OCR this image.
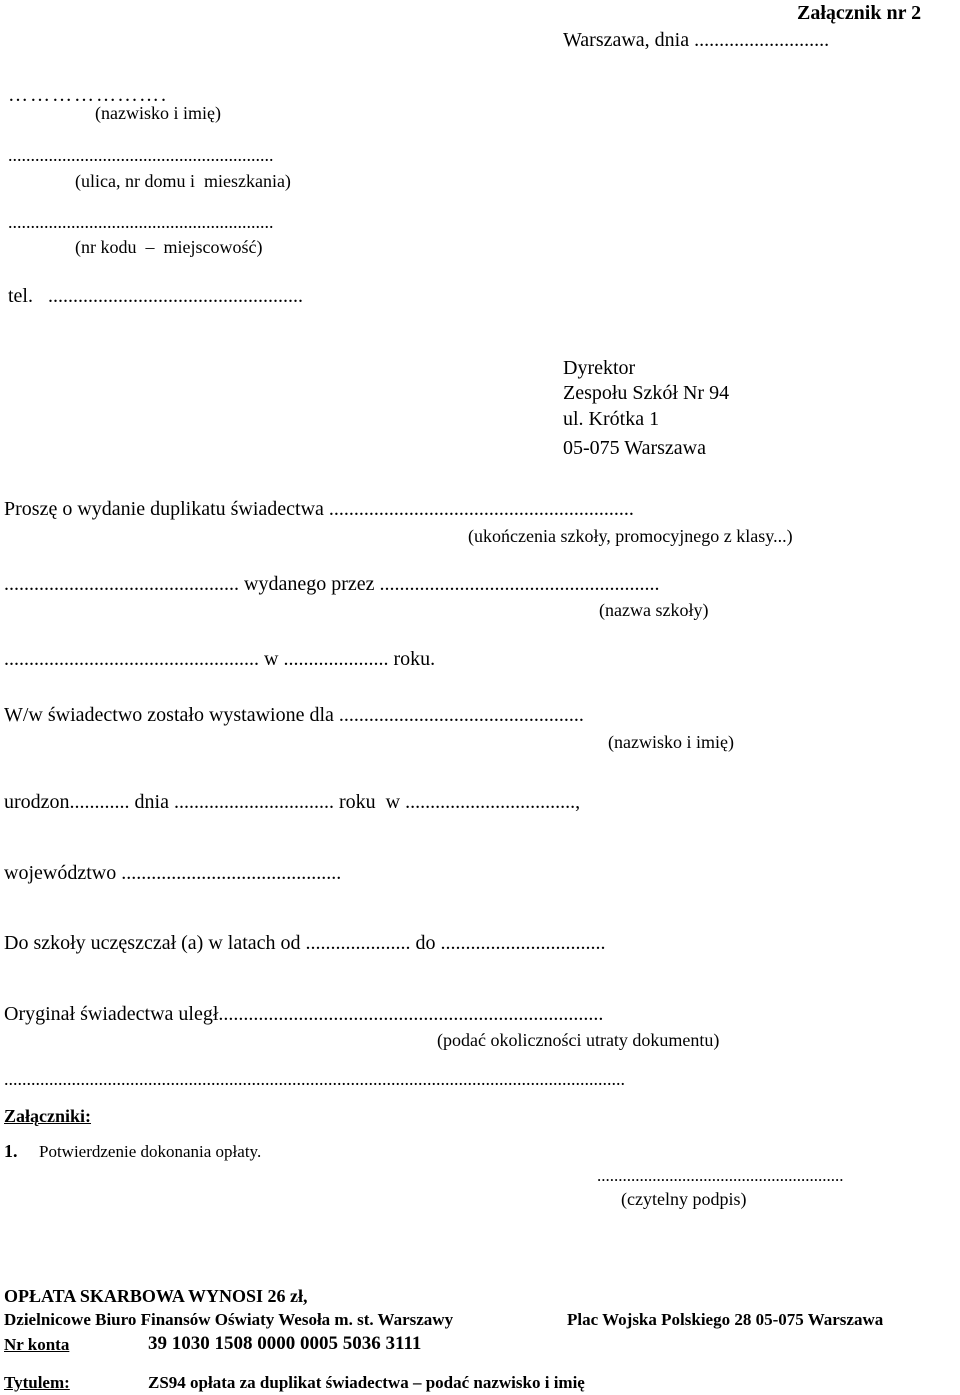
Załącznik nr 2
Warszawa, dnia ...........................
……………...….
(nazwisko i imię)
...........................................................
(ulica, nr domu i  mieszkania)
...........................................................
(nr kodu  –  miejscowość)
tel.   ...................................................
Dyrektor
Zespołu Szkół Nr 94
ul. Krótka 1
05-075 Warszawa
Proszę o wydanie duplikatu świadectwa .............................................................
(ukończenia szkoły, promocyjnego z klasy...)
............................................... wydanego przez ........................................................
(nazwa szkoły)
................................................... w ..................... roku.
W/w świadectwo zostało wystawione dla .................................................
(nazwisko i imię)
urodzon............ dnia ................................ roku  w ..................................,
województwo ............................................
Do szkoły uczęszczał (a) w latach od ..................... do .................................
Oryginał świadectwa uległ.............................................................................
(podać okoliczności utraty dokumentu)
..........................................................................................................................................
Załączniki:
1. Potwierdzenie dokonania opłaty.
..........................................................
(czytelny podpis)
OPŁATA SKARBOWA WYNOSI 26 zł,
Dzielnicowe Biuro Finansów Oświaty Wesoła m. st. Warszawy	Plac Wojska Polskiego 28 05-075 Warszawa
Nr konta	39 1030 1508 0000 0005 5036 3111
Tytulem:	ZS94 opłata za duplikat świadectwa – podać nazwisko i imię
